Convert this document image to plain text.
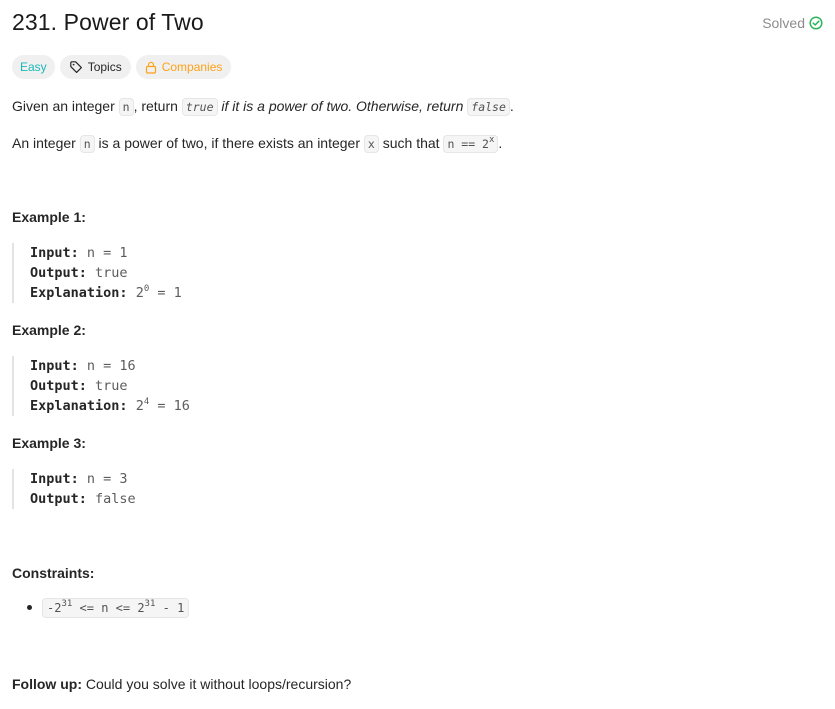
231. Power of Two	Solved
Easy	Topics	Companies

Given an integer n , return true if it is a power of two. Otherwise, return false .

An integer n is a power of two, if there exists an integer x such that $n == 2^x$ .

Example 1:

Input: n = 1
Output: true
Explanation: $2^0 = 1$

Example 2:

Input: n = 16
Output: true
Explanation: $2^4 = 16$

Example 3:

Input: n = 3
Output: false

Constraints:

$-2^{31} <= n <= 2^{31} - 1$

Follow up: Could you solve it without loops/recursion?
